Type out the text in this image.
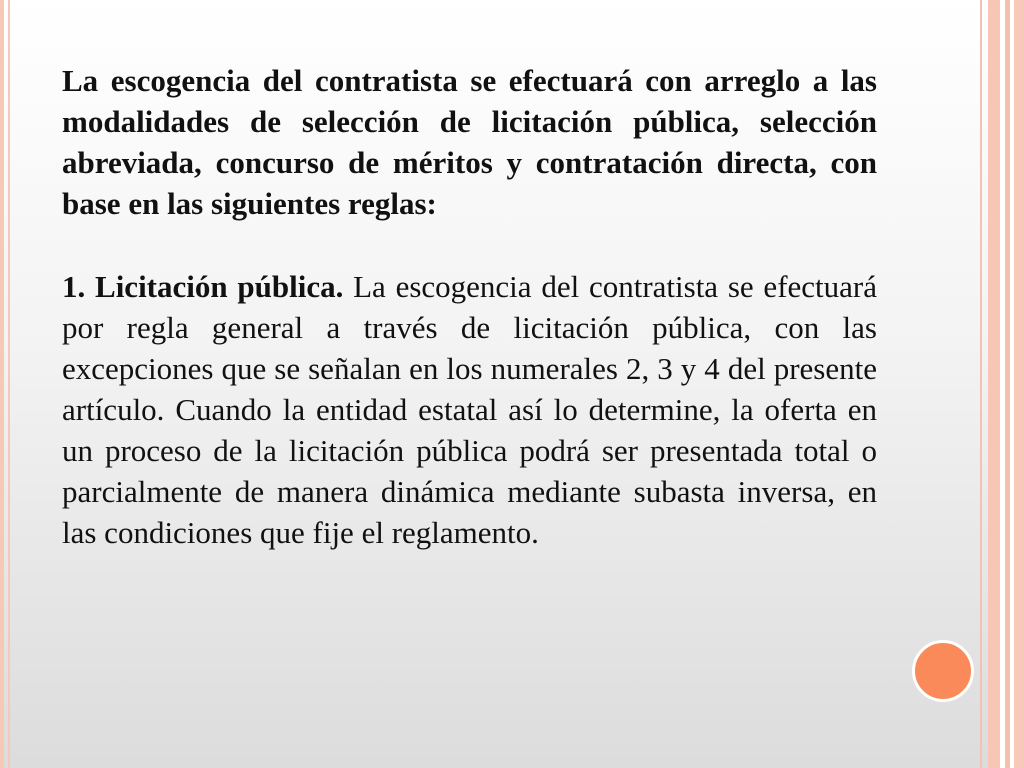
La escogencia del contratista se efectuará con arreglo a las modalidades de selección de licitación pública, selección abreviada, concurso de méritos y contratación directa, con base en las siguientes reglas:

1. Licitación pública. La escogencia del contratista se efectuará por regla general a través de licitación pública, con las excepciones que se señalan en los numerales 2, 3 y 4 del presente artículo. Cuando la entidad estatal así lo determine, la oferta en un proceso de la licitación pública podrá ser presentada total o parcialmente de manera dinámica mediante subasta inversa, en las condiciones que fije el reglamento.
